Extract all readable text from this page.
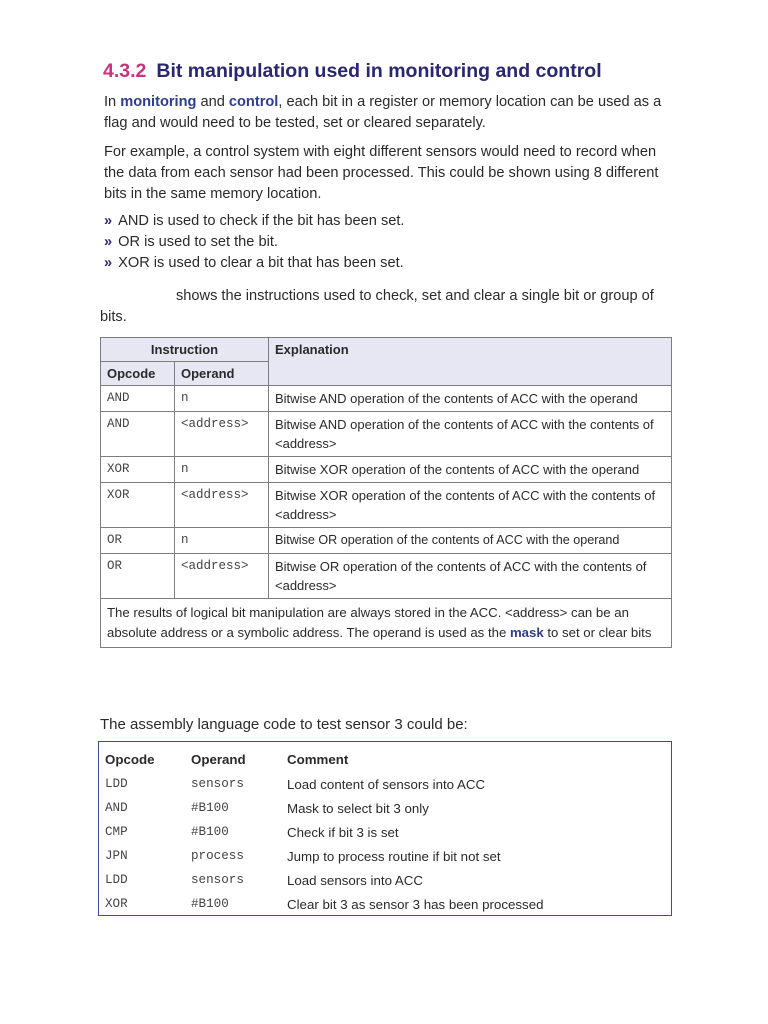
4.3.2 Bit manipulation used in monitoring and control

In monitoring and control, each bit in a register or memory location can be used as a flag and would need to be tested, set or cleared separately.

For example, a control system with eight different sensors would need to record when the data from each sensor had been processed. This could be shown using 8 different bits in the same memory location.

» AND is used to check if the bit has been set.
» OR is used to set the bit.
» XOR is used to clear a bit that has been set.

shows the instructions used to check, set and clear a single bit or group of bits.

Instruction		Explanation
Opcode	Operand	
AND	n	Bitwise AND operation of the contents of ACC with the operand
AND	<address>	Bitwise AND operation of the contents of ACC with the contents of <address>
XOR	n	Bitwise XOR operation of the contents of ACC with the operand
XOR	<address>	Bitwise XOR operation of the contents of ACC with the contents of <address>
OR	n	Bitwise OR operation of the contents of ACC with the operand
OR	<address>	Bitwise OR operation of the contents of ACC with the contents of <address>
The results of logical bit manipulation are always stored in the ACC. <address> can be an absolute address or a symbolic address. The operand is used as the mask to set or clear bits		

The assembly language code to test sensor 3 could be:

Opcode	Operand	Comment
LDD	sensors	Load content of sensors into ACC
AND	#B100	Mask to select bit 3 only
CMP	#B100	Check if bit 3 is set
JPN	process	Jump to process routine if bit not set
LDD	sensors	Load sensors into ACC
XOR	#B100	Clear bit 3 as sensor 3 has been processed
